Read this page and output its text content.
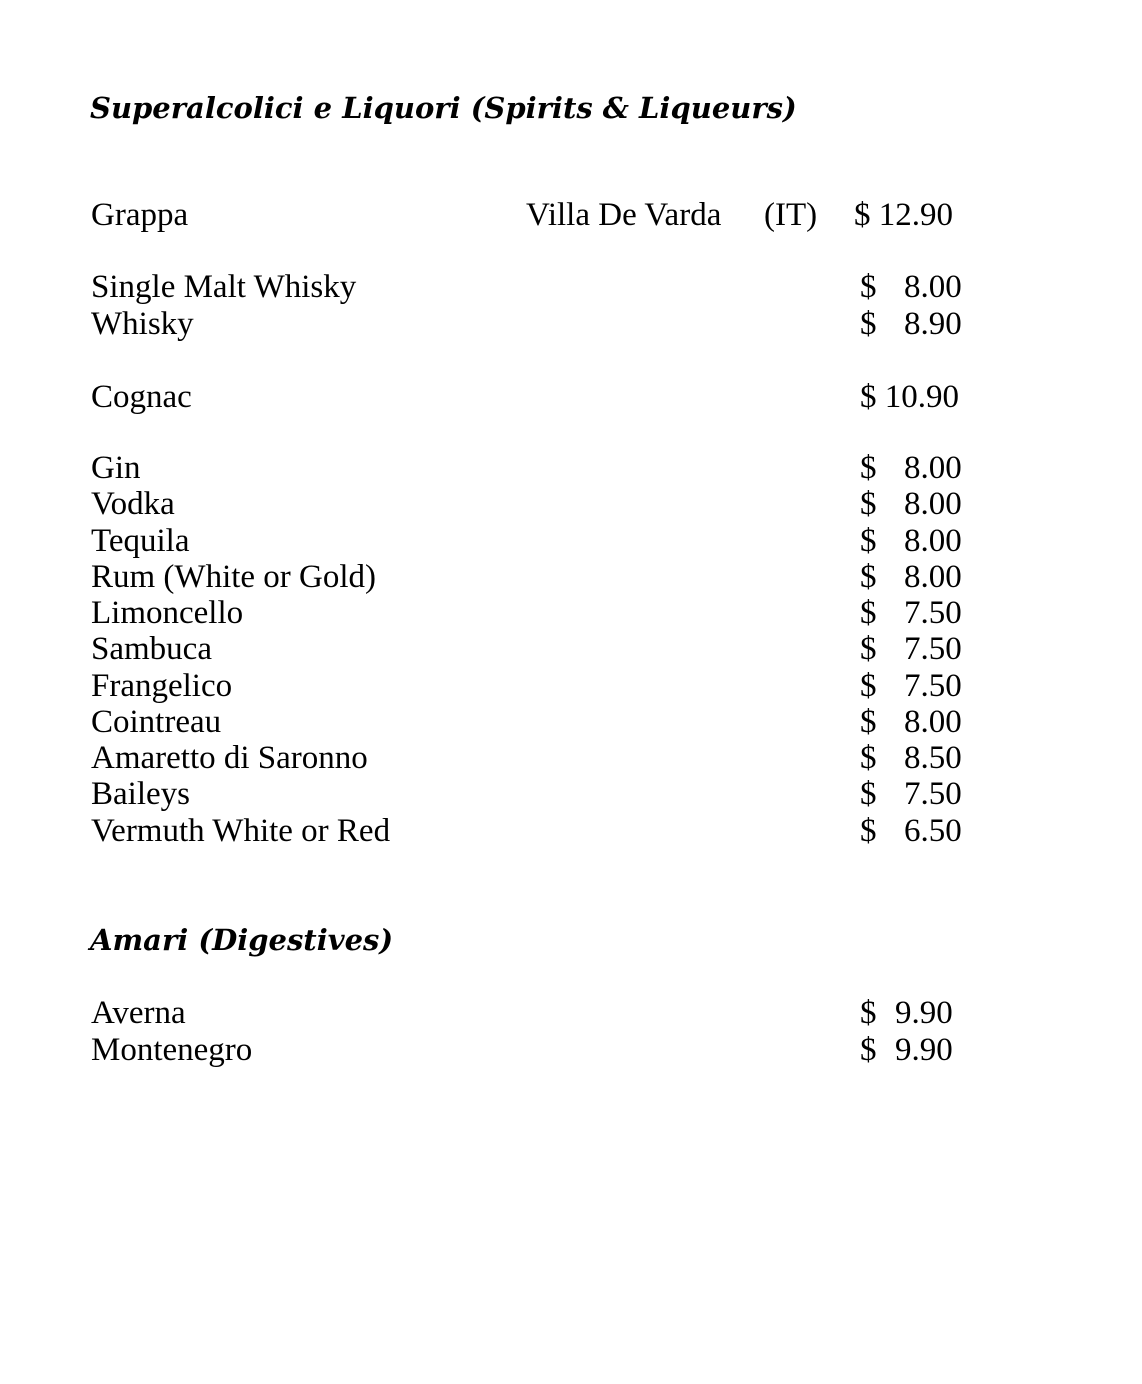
Superalcolici e Liquori (Spirits & Liqueurs)
Grappa	Villa De Varda (IT) $ 12.90
Single Malt Whisky	$ 8.00
Whisky	$ 8.90
Cognac	$ 10.90
Gin	$ 8.00
Vodka	$ 8.00
Tequila	$ 8.00
Rum (White or Gold)	$ 8.00
Limoncello	$ 7.50
Sambuca	$ 7.50
Frangelico	$ 7.50
Cointreau	$ 8.00
Amaretto di Saronno	$ 8.50
Baileys	$ 7.50
Vermuth White or Red	$ 6.50
Amari (Digestives)
Averna	$ 9.90
Montenegro	$ 9.90
